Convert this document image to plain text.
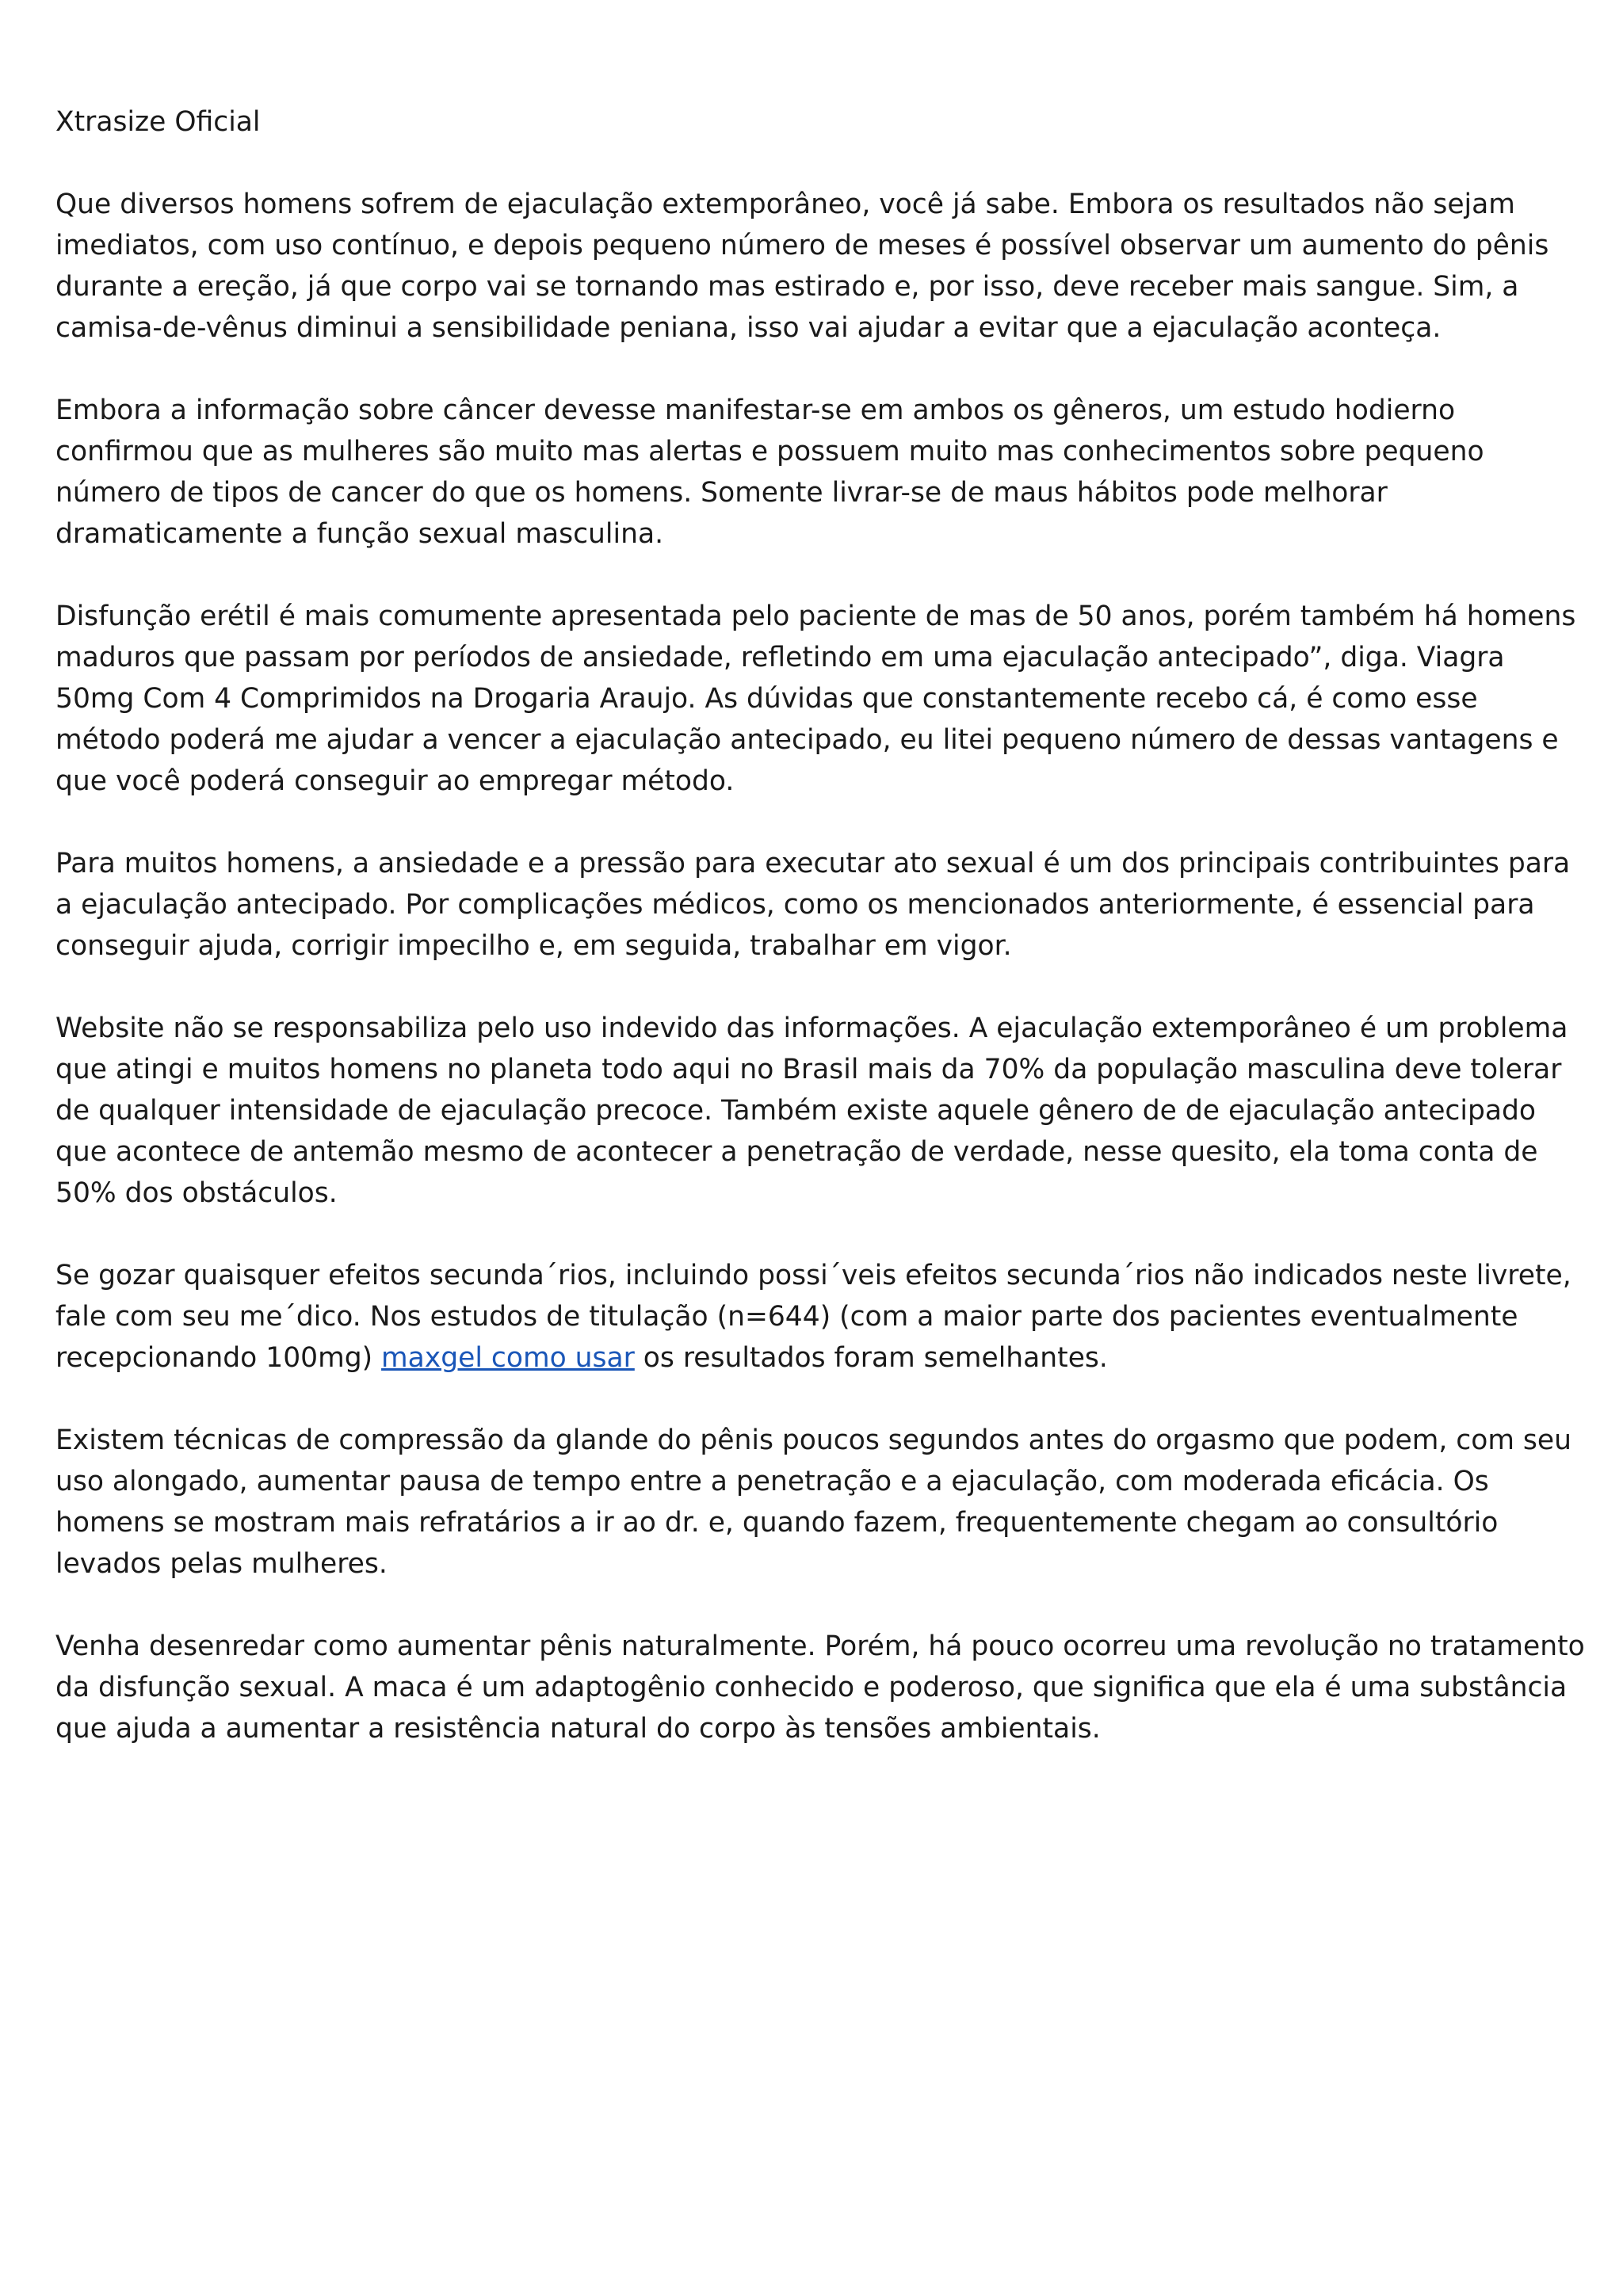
Xtrasize Oficial

Que diversos homens sofrem de ejaculação extemporâneo, você já sabe. Embora os resultados não sejam imediatos, com uso contínuo, e depois pequeno número de meses é possível observar um aumento do pênis durante a ereção, já que corpo vai se tornando mas estirado e, por isso, deve receber mais sangue. Sim, a camisa-de-vênus diminui a sensibilidade peniana, isso vai ajudar a evitar que a ejaculação aconteça.

Embora a informação sobre câncer devesse manifestar-se em ambos os gêneros, um estudo hodierno confirmou que as mulheres são muito mas alertas e possuem muito mas conhecimentos sobre pequeno número de tipos de cancer do que os homens. Somente livrar-se de maus hábitos pode melhorar dramaticamente a função sexual masculina.

Disfunção erétil é mais comumente apresentada pelo paciente de mas de 50 anos, porém também há homens maduros que passam por períodos de ansiedade, refletindo em uma ejaculação antecipado”, diga. Viagra 50mg Com 4 Comprimidos na Drogaria Araujo. As dúvidas que constantemente recebo cá, é como esse método poderá me ajudar a vencer a ejaculação antecipado, eu litei pequeno número de dessas vantagens e que você poderá conseguir ao empregar método.

Para muitos homens, a ansiedade e a pressão para executar ato sexual é um dos principais contribuintes para a ejaculação antecipado. Por complicações médicos, como os mencionados anteriormente, é essencial para conseguir ajuda, corrigir impecilho e, em seguida, trabalhar em vigor.

Website não se responsabiliza pelo uso indevido das informações. A ejaculação extemporâneo é um problema que atingi e muitos homens no planeta todo aqui no Brasil mais da 70% da população masculina deve tolerar de qualquer intensidade de ejaculação precoce. Também existe aquele gênero de de ejaculação antecipado que acontece de antemão mesmo de acontecer a penetração de verdade, nesse quesito, ela toma conta de 50% dos obstáculos.

Se gozar quaisquer efeitos secunda´rios, incluindo possi´veis efeitos secunda´rios não indicados neste livrete, fale com seu me´dico. Nos estudos de titulação (n=644) (com a maior parte dos pacientes eventualmente recepcionando 100mg) maxgel como usar os resultados foram semelhantes.

Existem técnicas de compressão da glande do pênis poucos segundos antes do orgasmo que podem, com seu uso alongado, aumentar pausa de tempo entre a penetração e a ejaculação, com moderada eficácia. Os homens se mostram mais refratários a ir ao dr. e, quando fazem, frequentemente chegam ao consultório levados pelas mulheres.

Venha desenredar como aumentar pênis naturalmente. Porém, há pouco ocorreu uma revolução no tratamento da disfunção sexual. A maca é um adaptogênio conhecido e poderoso, que significa que ela é uma substância que ajuda a aumentar a resistência natural do corpo às tensões ambientais.
